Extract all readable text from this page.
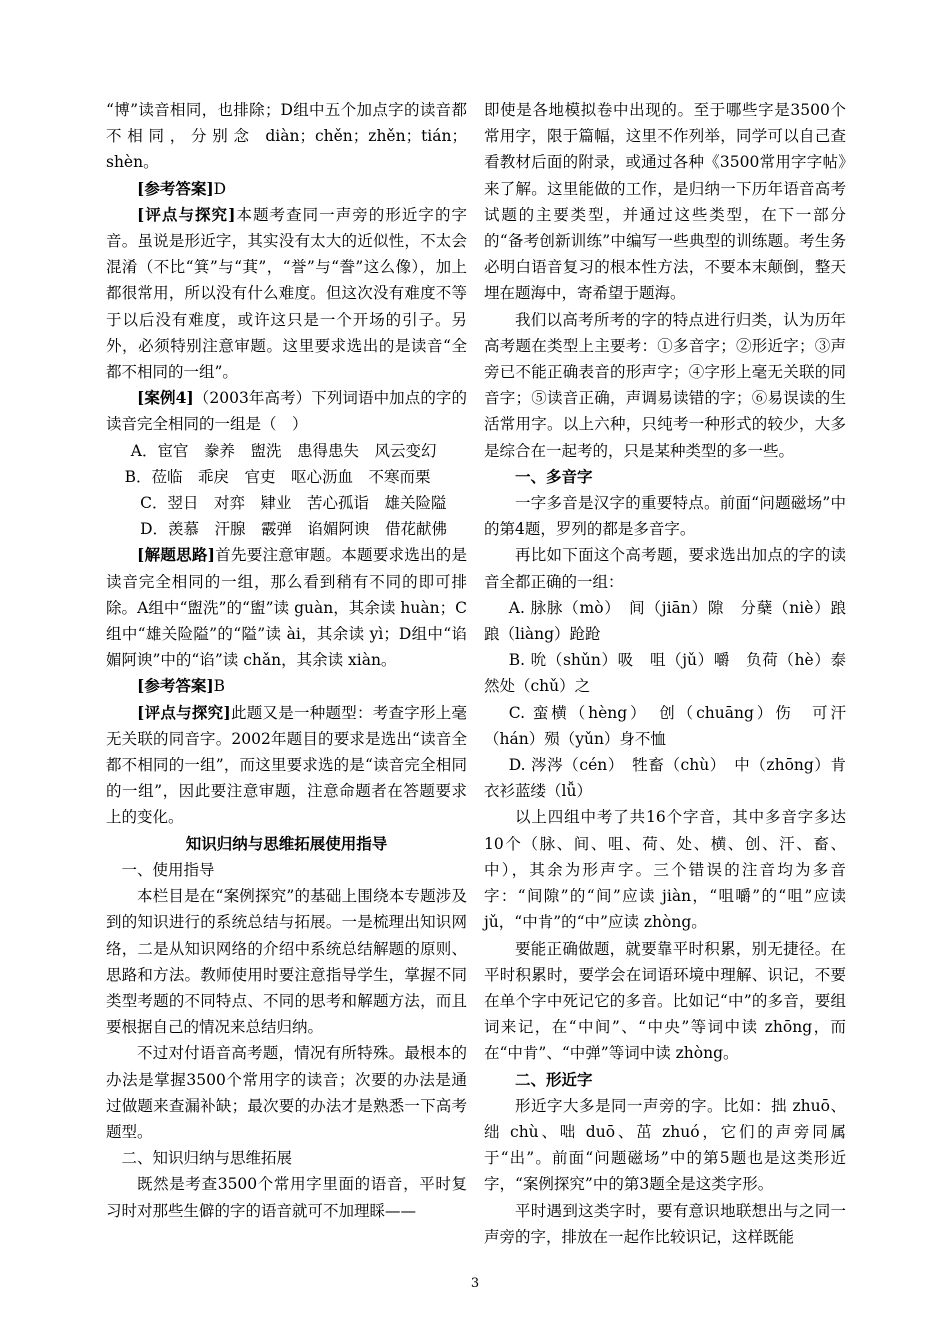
“博”读音相同，也排除；D组中五个加点字的读音都不相同，分别念 diàn；chěn；zhěn；tián；shèn。

[参考答案]D

[评点与探究]本题考查同一声旁的形近字的字音。虽说是形近字，其实没有太大的近似性，不太会混淆（不比“箕”与“萁”，“誉”与“誊”这么像），加上都很常用，所以没有什么难度。但这次没有难度不等于以后没有难度，或许这只是一个开场的引子。另外，必须特别注意审题。这里要求选出的是读音“全都不相同的一组”。

[案例4]（2003年高考）下列词语中加点的字的读音完全相同的一组是（　）

A．宦官　豢养　盥洗　患得患失　风云变幻

B．莅临　乖戾　官吏　呕心沥血　不寒而栗

C．翌日　对弈　肄业　苦心孤诣　雄关险隘

D．羡慕　汗腺　霰弹　谄媚阿谀　借花献佛

[解题思路]首先要注意审题。本题要求选出的是读音完全相同的一组，那么看到稍有不同的即可排除。A组中“盥洗”的“盥”读 guàn，其余读 huàn；C组中“雄关险隘”的“隘”读 ài，其余读 yì；D组中“谄媚阿谀”中的“谄”读 chǎn，其余读 xiàn。

[参考答案]B

[评点与探究]此题又是一种题型：考查字形上毫无关联的同音字。2002年题目的要求是选出“读音全都不相同的一组”，而这里要求选的是“读音完全相同的一组”，因此要注意审题，注意命题者在答题要求上的变化。

知识归纳与思维拓展使用指导

一、使用指导

本栏目是在“案例探究”的基础上围绕本专题涉及到的知识进行的系统总结与拓展。一是梳理出知识网络，二是从知识网络的介绍中系统总结解题的原则、思路和方法。教师使用时要注意指导学生，掌握不同类型考题的不同特点、不同的思考和解题方法，而且要根据自己的情况来总结归纳。

不过对付语音高考题，情况有所特殊。最根本的办法是掌握3500个常用字的读音；次要的办法是通过做题来查漏补缺；最次要的办法才是熟悉一下高考题型。

二、知识归纳与思维拓展

既然是考查3500个常用字里面的语音，平时复习时对那些生僻的字的语音就可不加理睬——

即使是各地模拟卷中出现的。至于哪些字是3500个常用字，限于篇幅，这里不作列举，同学可以自己查看教材后面的附录，或通过各种《3500常用字字帖》来了解。这里能做的工作，是归纳一下历年语音高考试题的主要类型，并通过这些类型，在下一部分的“备考创新训练”中编写一些典型的训练题。考生务必明白语音复习的根本性方法，不要本末颠倒，整天埋在题海中，寄希望于题海。

我们以高考所考的字的特点进行归类，认为历年高考题在类型上主要考：①多音字；②形近字；③声旁已不能正确表音的形声字；④字形上毫无关联的同音字；⑤读音正确，声调易读错的字；⑥易误读的生活常用字。以上六种，只纯考一种形式的较少，大多是综合在一起考的，只是某种类型的多一些。

一、多音字

一字多音是汉字的重要特点。前面“问题磁场”中的第4题，罗列的都是多音字。

再比如下面这个高考题，要求选出加点的字的读音全都正确的一组：

A. 脉脉（mò）　间（jiān）隙　分蘖（niè）踉踉（liàng）跄跄

B. 吮（shǔn）吸　咀（jǔ）嚼　负荷（hè）泰然处（chǔ）之

C. 蛮横（hèng）　创（chuāng）伤　可汗（hán）殒（yǔn）身不恤

D. 涔涔（cén）　牲畜（chù）　中（zhōng）肯　衣衫蓝缕（lǚ）

以上四组中考了共16个字音，其中多音字多达10个（脉、间、咀、荷、处、横、创、汗、畜、中），其余为形声字。三个错误的注音均为多音字：“间隙”的“间”应读 jiàn，“咀嚼”的“咀”应读 jǔ，“中肯”的“中”应读 zhòng。

要能正确做题，就要靠平时积累，别无捷径。在平时积累时，要学会在词语环境中理解、识记，不要在单个字中死记它的多音。比如记“中”的多音，要组词来记，在“中间”、“中央”等词中读 zhōng，而在“中肯”、“中弹”等词中读 zhòng。

二、形近字

形近字大多是同一声旁的字。比如：拙 zhuō、绌 chù、咄 duō、茁 zhuó，它们的声旁同属于“出”。前面“问题磁场”中的第5题也是这类形近字，“案例探究”中的第3题全是这类字形。

平时遇到这类字时，要有意识地联想出与之同一声旁的字，排放在一起作比较识记，这样既能

3
